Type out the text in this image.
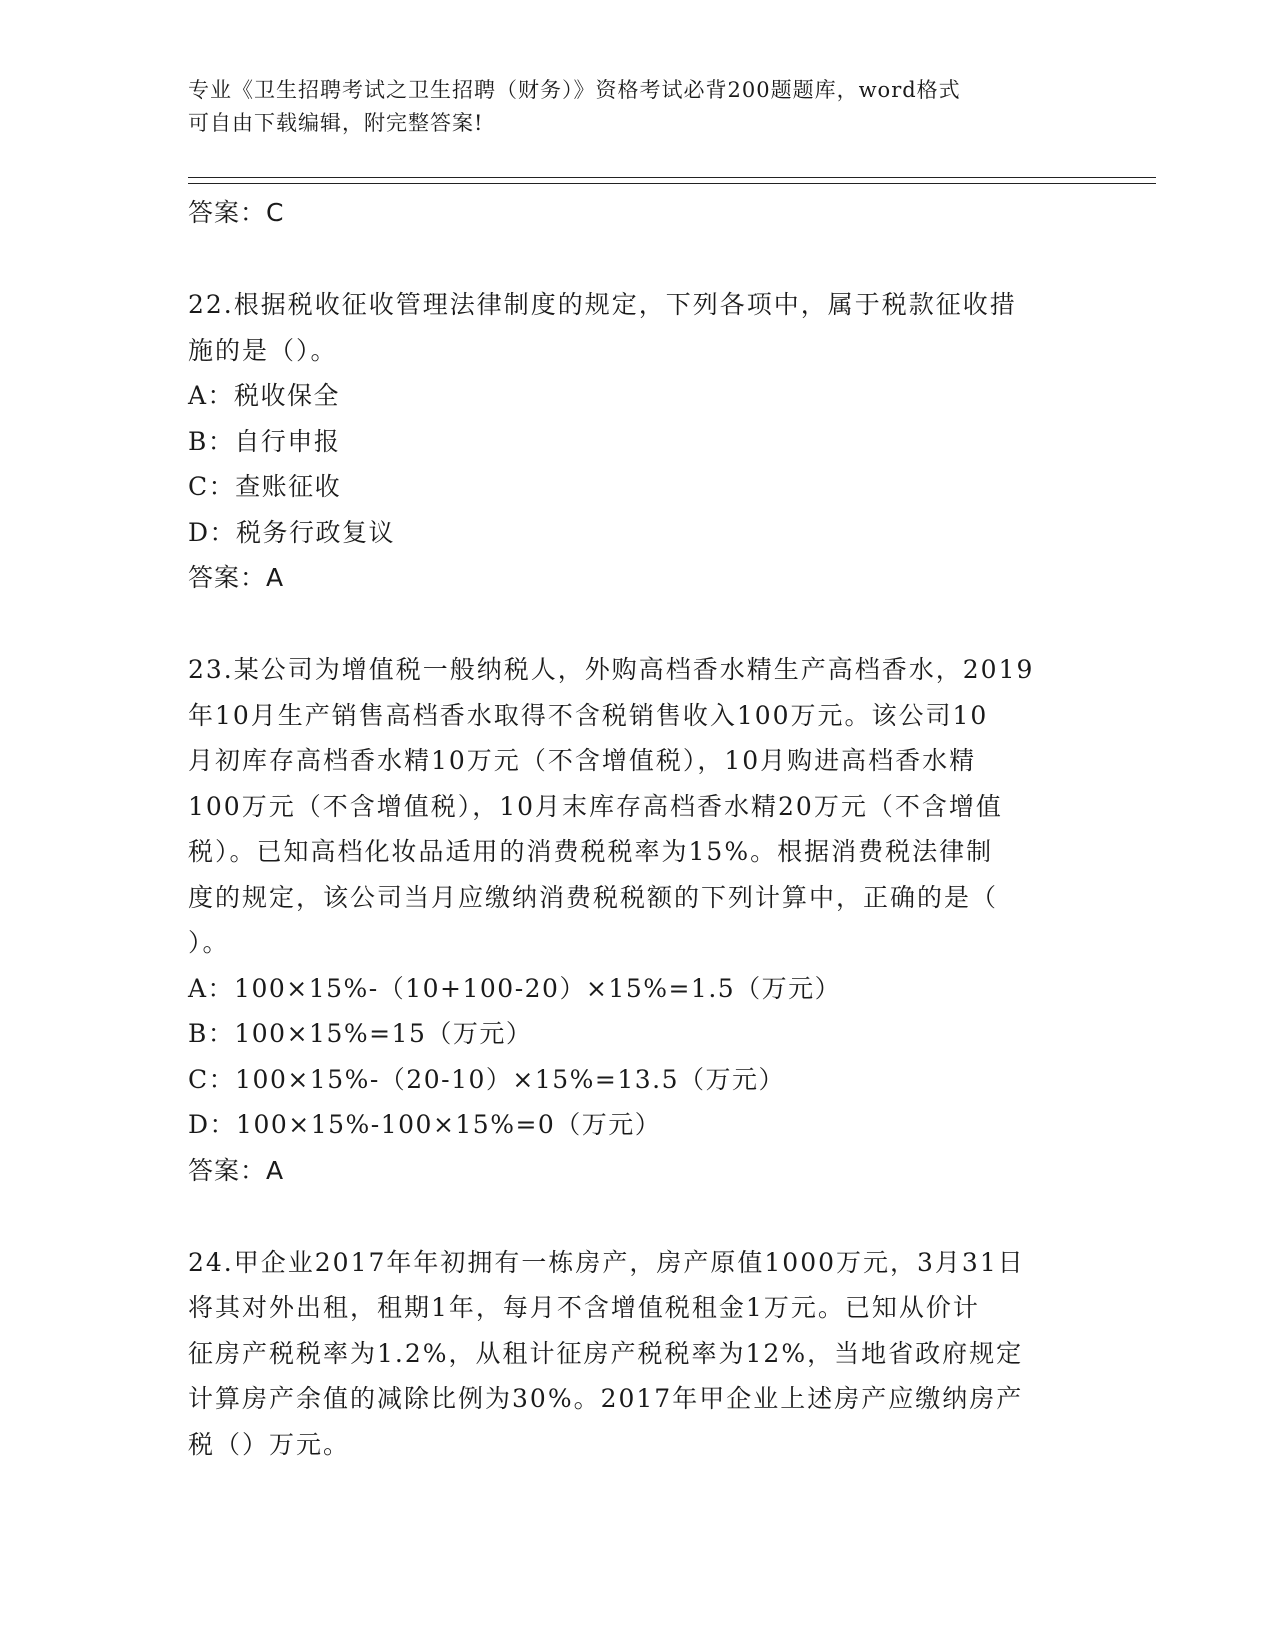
专业《卫生招聘考试之卫生招聘（财务）》资格考试必背200题题库，word格式
可自由下载编辑，附完整答案!

答案：C

22.根据税收征收管理法律制度的规定，下列各项中，属于税款征收措

施的是（）。

A：税收保全

B：自行申报

C：查账征收

D：税务行政复议

答案：A

23.某公司为增值税一般纳税人，外购高档香水精生产高档香水，2019

年10月生产销售高档香水取得不含税销售收入100万元。该公司10

月初库存高档香水精10万元（不含增值税），10月购进高档香水精

100万元（不含增值税），10月末库存高档香水精20万元（不含增值

税）。已知高档化妆品适用的消费税税率为15%。根据消费税法律制

度的规定，该公司当月应缴纳消费税税额的下列计算中，正确的是（

）。

A：100×15%-（10+100-20）×15%=1.5（万元）

B：100×15%=15（万元）

C：100×15%-（20-10）×15%=13.5（万元）

D：100×15%-100×15%=0（万元）

答案：A

24.甲企业2017年年初拥有一栋房产，房产原值1000万元，3月31日

将其对外出租，租期1年，每月不含增值税租金1万元。已知从价计

征房产税税率为1.2%，从租计征房产税税率为12%，当地省政府规定

计算房产余值的减除比例为30%。2017年甲企业上述房产应缴纳房产

税（）万元。
